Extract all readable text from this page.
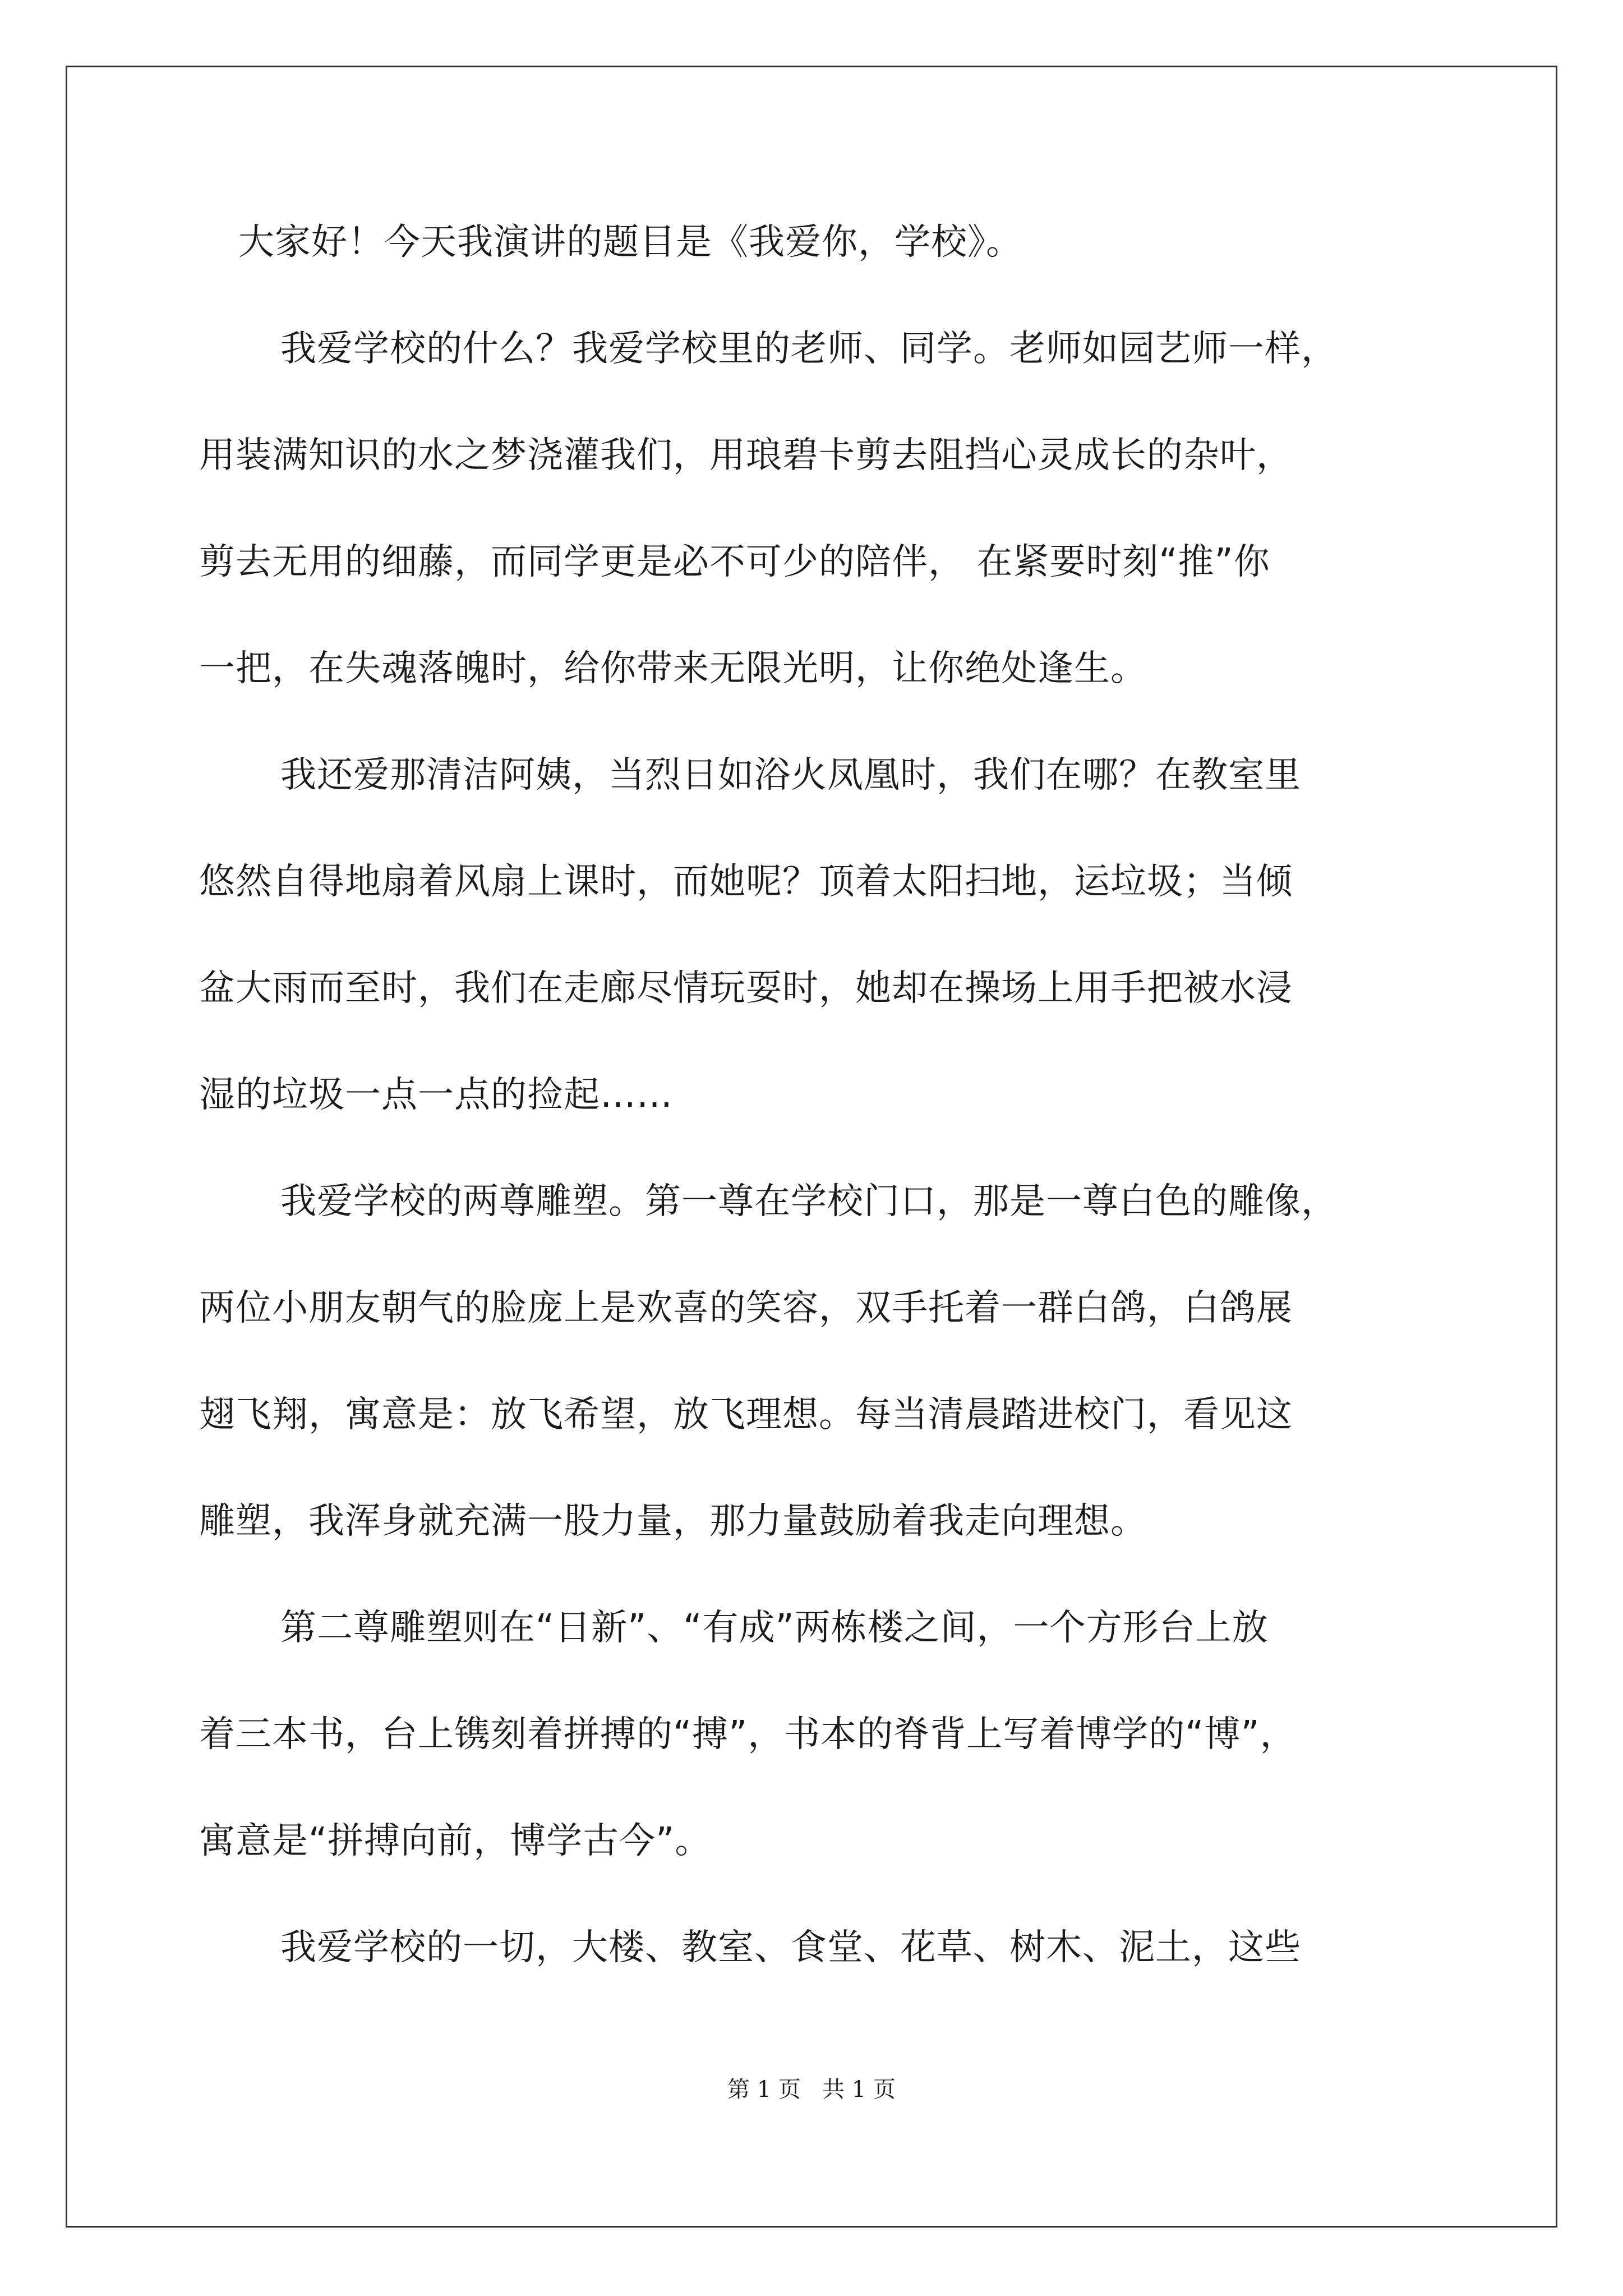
大家好！今天我演讲的题目是《我爱你，学校》。

我爱学校的什么？我爱学校里的老师、同学。老师如园艺师一样，

用装满知识的水之梦浇灌我们，用琅碧卡剪去阻挡心灵成长的杂叶，

剪去无用的细藤，而同学更是必不可少的陪伴， 在紧要时刻“推”你

一把，在失魂落魄时，给你带来无限光明，让你绝处逢生。

我还爱那清洁阿姨，当烈日如浴火凤凰时，我们在哪？在教室里

悠然自得地扇着风扇上课时，而她呢？顶着太阳扫地，运垃圾；当倾

盆大雨而至时，我们在走廊尽情玩耍时，她却在操场上用手把被水浸

湿的垃圾一点一点的捡起……

我爱学校的两尊雕塑。第一尊在学校门口，那是一尊白色的雕像，

两位小朋友朝气的脸庞上是欢喜的笑容，双手托着一群白鸽，白鸽展

翅飞翔，寓意是：放飞希望，放飞理想。每当清晨踏进校门，看见这

雕塑，我浑身就充满一股力量，那力量鼓励着我走向理想。

第二尊雕塑则在“日新”、“有成”两栋楼之间，一个方形台上放

着三本书，台上镌刻着拼搏的“搏”，书本的脊背上写着博学的“博”，

寓意是“拼搏向前，博学古今”。

我爱学校的一切，大楼、教室、食堂、花草、树木、泥土，这些

第 1 页   共 1 页
